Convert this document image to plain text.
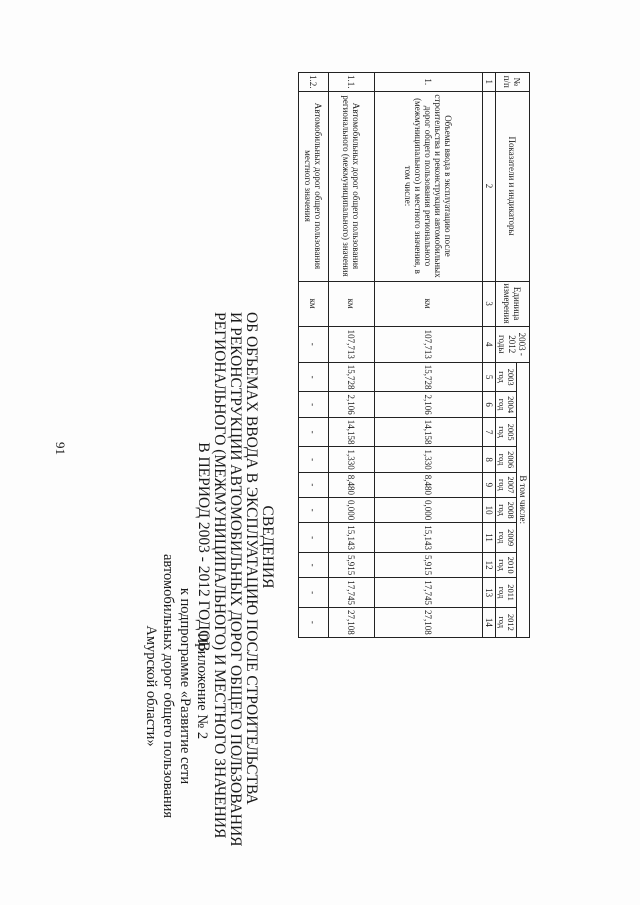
91
Приложение № 2
к подпрограмме «Развитие сети
автомобильных дорог общего пользования
Амурской области»
СВЕДЕНИЯ
ОБ ОБЪЕМАХ ВВОДА В ЭКСПЛУАТАЦИЮ ПОСЛЕ СТРОИТЕЛЬСТВА
И РЕКОНСТРУКЦИИ АВТОМОБИЛЬНЫХ ДОРОГ ОБЩЕГО ПОЛЬЗОВАНИЯ
РЕГИОНАЛЬНОГО (МЕЖМУНИЦИПАЛЬНОГО) И МЕСТНОГО ЗНАЧЕНИЯ
В ПЕРИОД 2003 - 2012 ГОДОВ
№ п/п	Показатели и индикаторы	Единица измерения	2003 - 2012 годы	В том числе:									
				2003 год	2004 год	2005 год	2006 год	2007 год	2008 год	2009 год	2010 год	2011 год	2012 год
1	2	3	4	5	6	7	8	9	10	11	12	13	14
1.	Объемы ввода в эксплуатацию после строительства и реконструкции автомобильных дорог общего пользования регионального (межмуниципального) и местного значения, в том числе:	км	107,713	15,728	2,106	14,158	1,330	8,480	0,000	15,143	5,915	17,745	27,108
1.1.	Автомобильных дорог общего пользования регионального (межмуниципального) значения	км	107,713	15,728	2,106	14,158	1,330	8,480	0,000	15,143	5,915	17,745	27,108
1.2.	Автомобильных дорог общего пользования местного значения	км	-	-	-	-	-	-	-	-	-	-	-
